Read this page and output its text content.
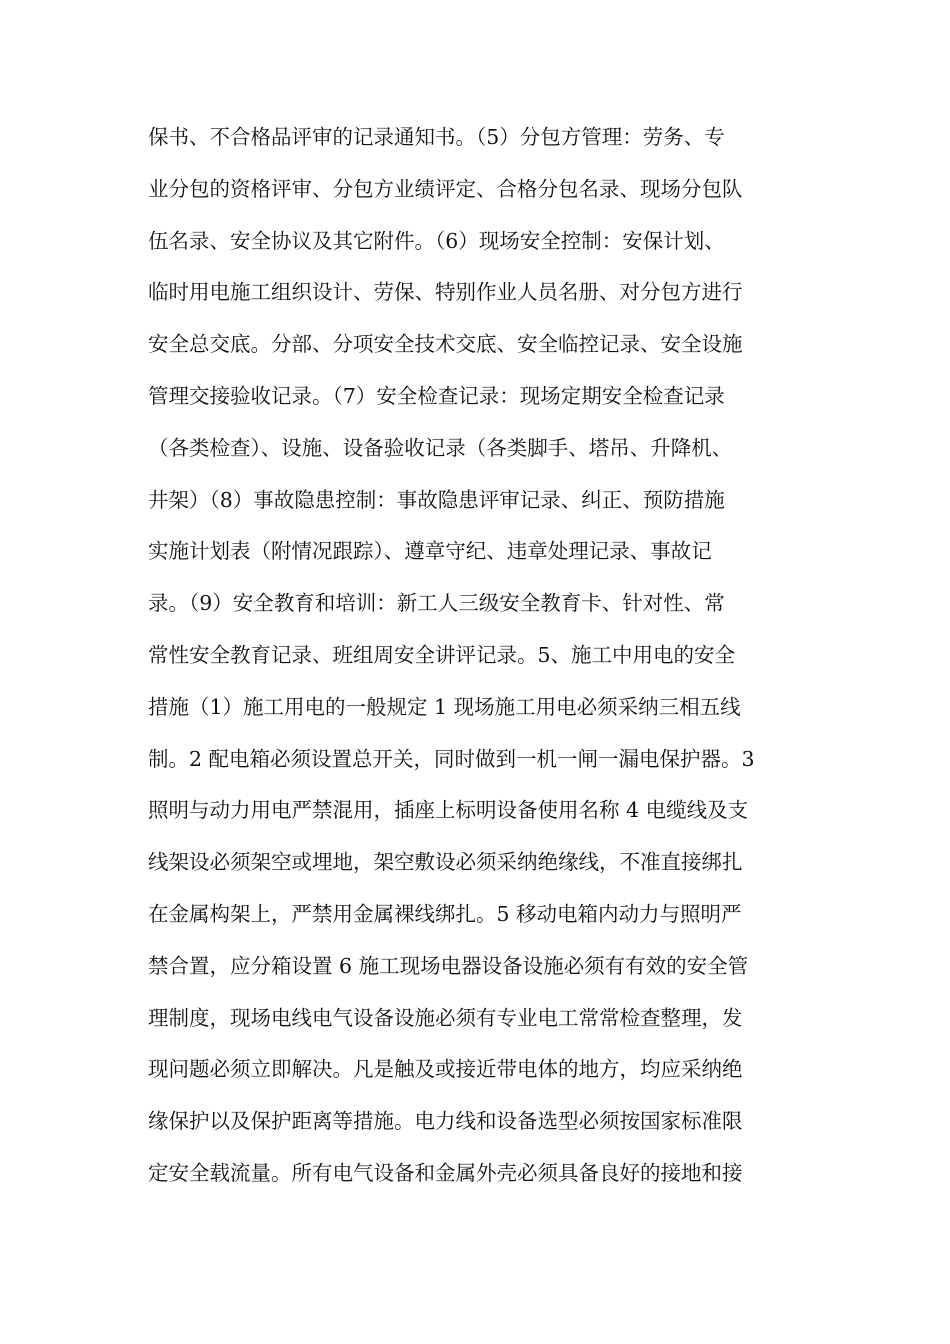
保书、不合格品评审的记录通知书。（5）分包方管理：劳务、专
业分包的资格评审、分包方业绩评定、合格分包名录、现场分包队
伍名录、安全协议及其它附件。（6）现场安全控制：安保计划、
临时用电施工组织设计、劳保、特别作业人员名册、对分包方进行
安全总交底。分部、分项安全技术交底、安全临控记录、安全设施
管理交接验收记录。（7）安全检查记录：现场定期安全检查记录
（各类检查）、设施、设备验收记录（各类脚手、塔吊、升降机、
井架）（8）事故隐患控制：事故隐患评审记录、纠正、预防措施
实施计划表（附情况跟踪）、遵章守纪、违章处理记录、事故记
录。（9）安全教育和培训：新工人三级安全教育卡、针对性、常
常性安全教育记录、班组周安全讲评记录。5、施工中用电的安全
措施（1）施工用电的一般规定 1 现场施工用电必须采纳三相五线
制。2 配电箱必须设置总开关，同时做到一机一闸一漏电保护器。3
照明与动力用电严禁混用，插座上标明设备使用名称 4 电缆线及支
线架设必须架空或埋地，架空敷设必须采纳绝缘线，不准直接绑扎
在金属构架上，严禁用金属裸线绑扎。5 移动电箱内动力与照明严
禁合置，应分箱设置 6 施工现场电器设备设施必须有有效的安全管
理制度，现场电线电气设备设施必须有专业电工常常检查整理，发
现问题必须立即解决。凡是触及或接近带电体的地方，均应采纳绝
缘保护以及保护距离等措施。电力线和设备选型必须按国家标准限
定安全载流量。所有电气设备和金属外壳必须具备良好的接地和接
